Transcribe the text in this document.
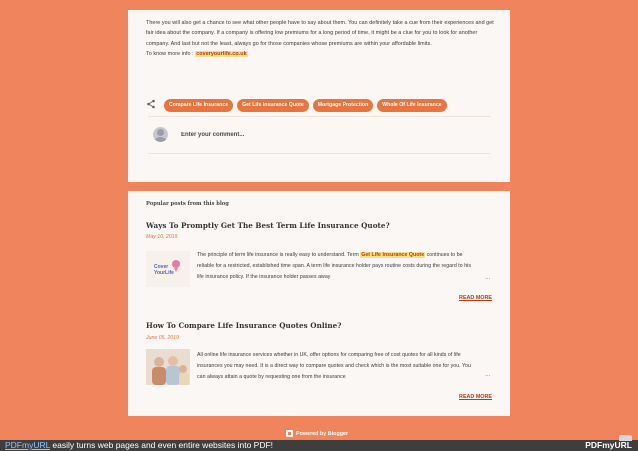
There you will also get a chance to see what other people have to say about them. You can definitely take a cue from their experiences and get fair idea about the company. If a company is offering low premiums for a long period of time, it might be a clue for you to look for another company. And last but not the least, always go for those companies whose premiums are within your affordable limits.

To know more info : coveryourlife.co.uk

Compare Life Insurance	Get Life Insurance Quote	Mortgage Protection	Whole Of Life Insurance
Enter your comment...
Popular posts from this blog
Ways To Promptly Get The Best Term Life Insurance Quote?
May 10, 2019
Cover
YourLife
The principle of term life insurance is really easy to understand. Term Get Life Insurance Quote continues to be reliable for a restricted, established time span. A term life insurance holder pays routine costs during the regard to his life insurance policy. If the insurance holder passes away	…
READ MORE
How To Compare Life Insurance Quotes Online?
June 05, 2019
All online life insurance services whether in UK, offer options for comparing free of cost quotes for all kinds of life insurances you may need. It is a direct way to compare quotes and check which is the most suitable one for you. You can always attain a quote by requesting one from the insurance	…
READ MORE
Powered by Blogger
PDFmyURL easily turns web pages and even entire websites into PDF!	PDFmyURL
